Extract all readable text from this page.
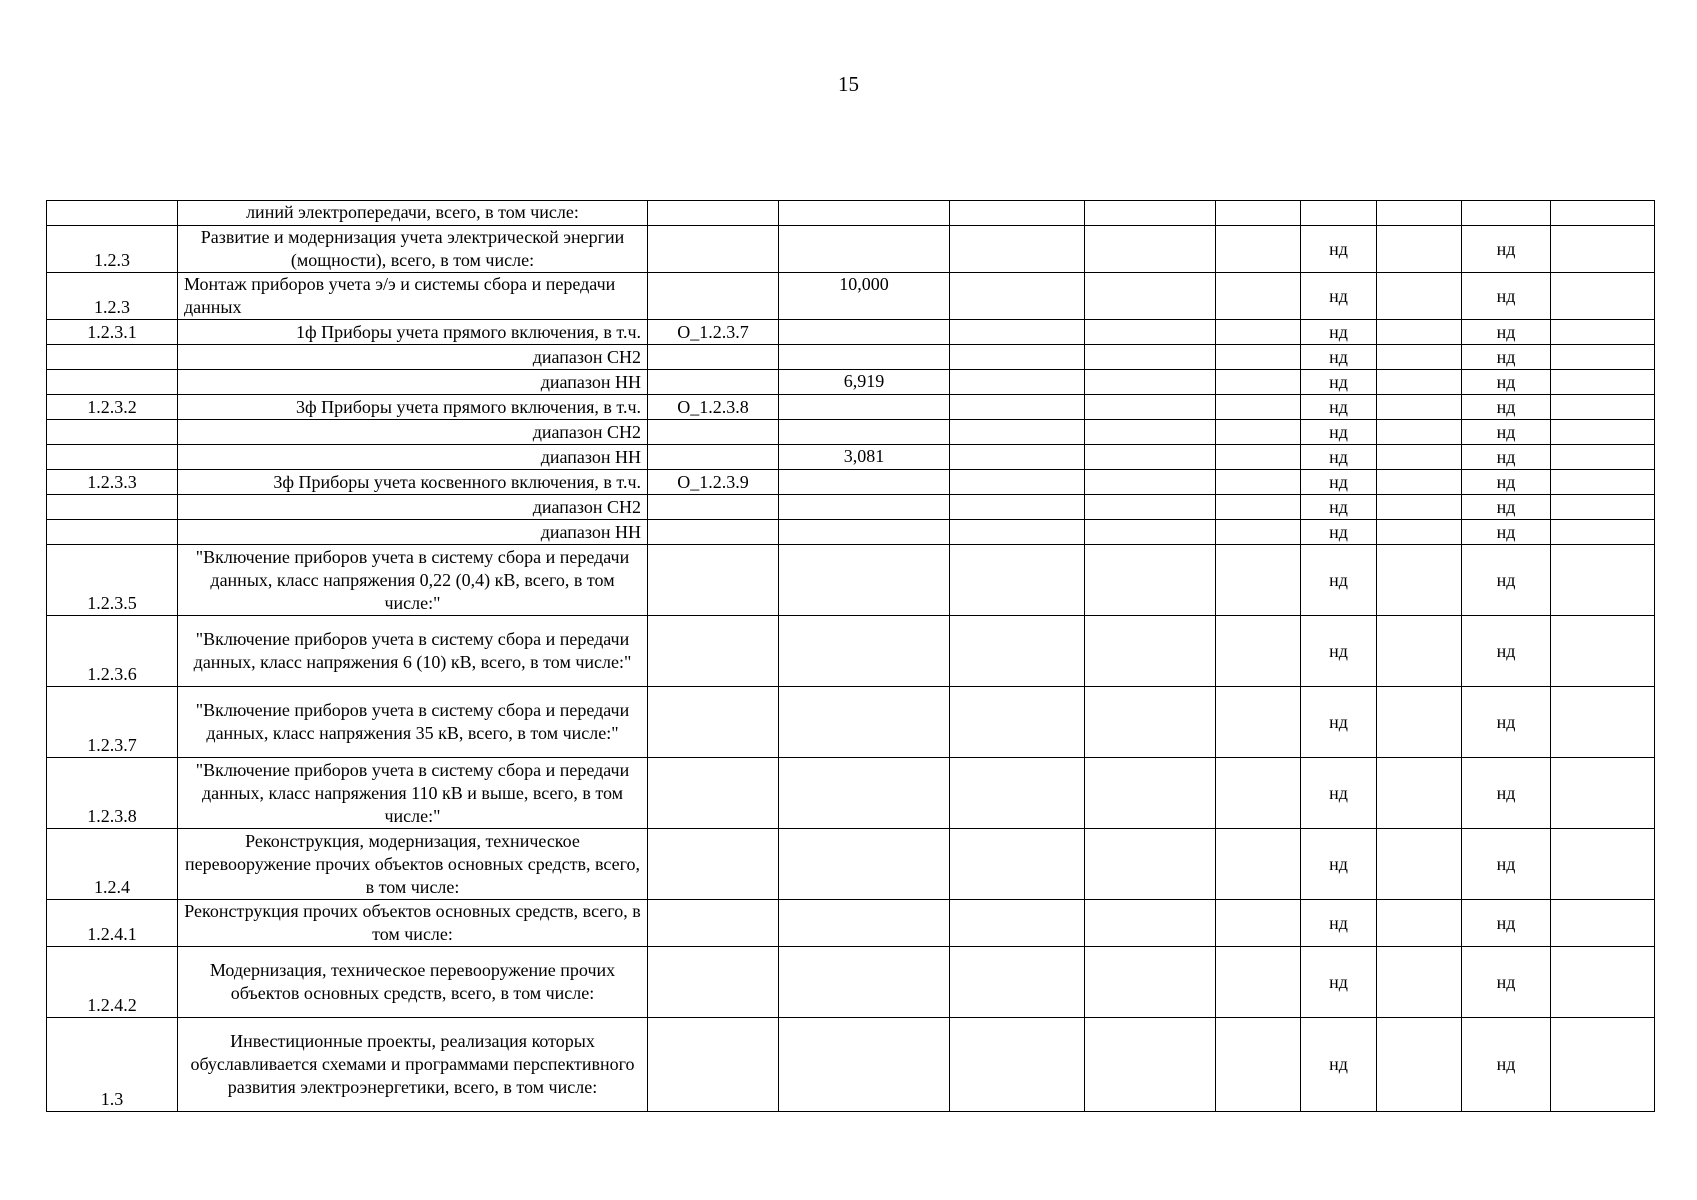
15
	линий электропередачи, всего, в том числе:									
1.2.3	Развитие и модернизация учета электрической энергии (мощности), всего, в том числе:						нд		нд	
1.2.3	Монтаж приборов учета э/э и системы сбора и передачи данных		10,000				нд		нд	
1.2.3.1	1ф Приборы учета прямого включения, в т.ч.	O_1.2.3.7					нд		нд	
	диапазон СН2						нд		нд	
	диапазон НН		6,919				нд		нд	
1.2.3.2	3ф Приборы учета прямого включения, в т.ч.	O_1.2.3.8					нд		нд	
	диапазон СН2						нд		нд	
	диапазон НН		3,081				нд		нд	
1.2.3.3	3ф Приборы учета косвенного включения, в т.ч.	O_1.2.3.9					нд		нд	
	диапазон СН2						нд		нд	
	диапазон НН						нд		нд	
1.2.3.5	"Включение приборов учета в систему сбора и передачи данных, класс напряжения 0,22 (0,4) кВ, всего, в том числе:"						нд		нд	
1.2.3.6	"Включение приборов учета в систему сбора и передачи данных, класс напряжения 6 (10) кВ, всего, в том числе:"						нд		нд	
1.2.3.7	"Включение приборов учета в систему сбора и передачи данных, класс напряжения 35 кВ, всего, в том числе:"						нд		нд	
1.2.3.8	"Включение приборов учета в систему сбора и передачи данных, класс напряжения 110 кВ и выше, всего, в том числе:"						нд		нд	
1.2.4	Реконструкция, модернизация, техническое перевооружение прочих объектов основных средств, всего, в том числе:						нд		нд	
1.2.4.1	Реконструкция прочих объектов основных средств, всего, в том числе:						нд		нд	
1.2.4.2	Модернизация, техническое перевооружение прочих объектов основных средств, всего, в том числе:						нд		нд	
1.3	Инвестиционные проекты, реализация которых обуславливается схемами и программами перспективного развития электроэнергетики, всего, в том числе:						нд		нд	
